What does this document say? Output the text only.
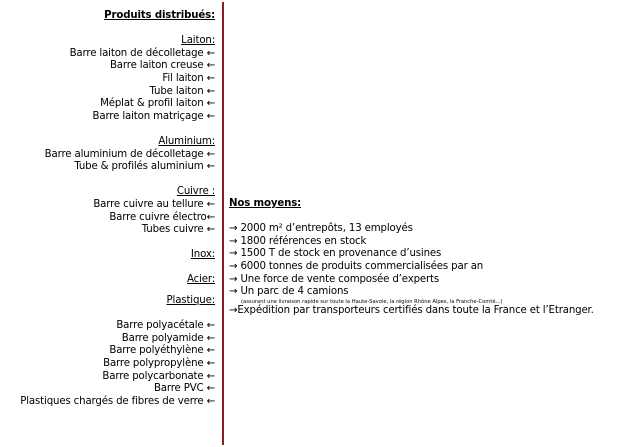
Produits distribués:
Laiton:
Barre laiton de décolletage ←
Barre laiton creuse ←
Fil laiton ←
Tube laiton ←
Méplat & profil laiton ←
Barre laiton matriçage ←
Aluminium:
Barre aluminium de décolletage ←
Tube & profilés aluminium ←
Cuivre :
Barre cuivre au tellure ←
Barre cuivre électro←
Tubes cuivre ←
Inox:
Acier:
Plastique:
Barre polyacétale ←
Barre polyamide ←
Barre polyéthylène ←
Barre polypropylène ←
Barre polycarbonate ←
Barre PVC ←
Plastiques chargés de fibres de verre ←
Nos moyens:
→ 2000 m² d’entrepôts, 13 employés
→ 1800 références en stock
→ 1500 T de stock en provenance d’usines
→ 6000 tonnes de produits commercialisées par an
→ Une force de vente composée d’experts
→ Un parc de 4 camions
(assurant une livraison rapide sur toute la Haute-Savoie, la région Rhône Alpes, la Franche-Comté...)
→Expédition par transporteurs certifiés dans toute la France et l’Etranger.
